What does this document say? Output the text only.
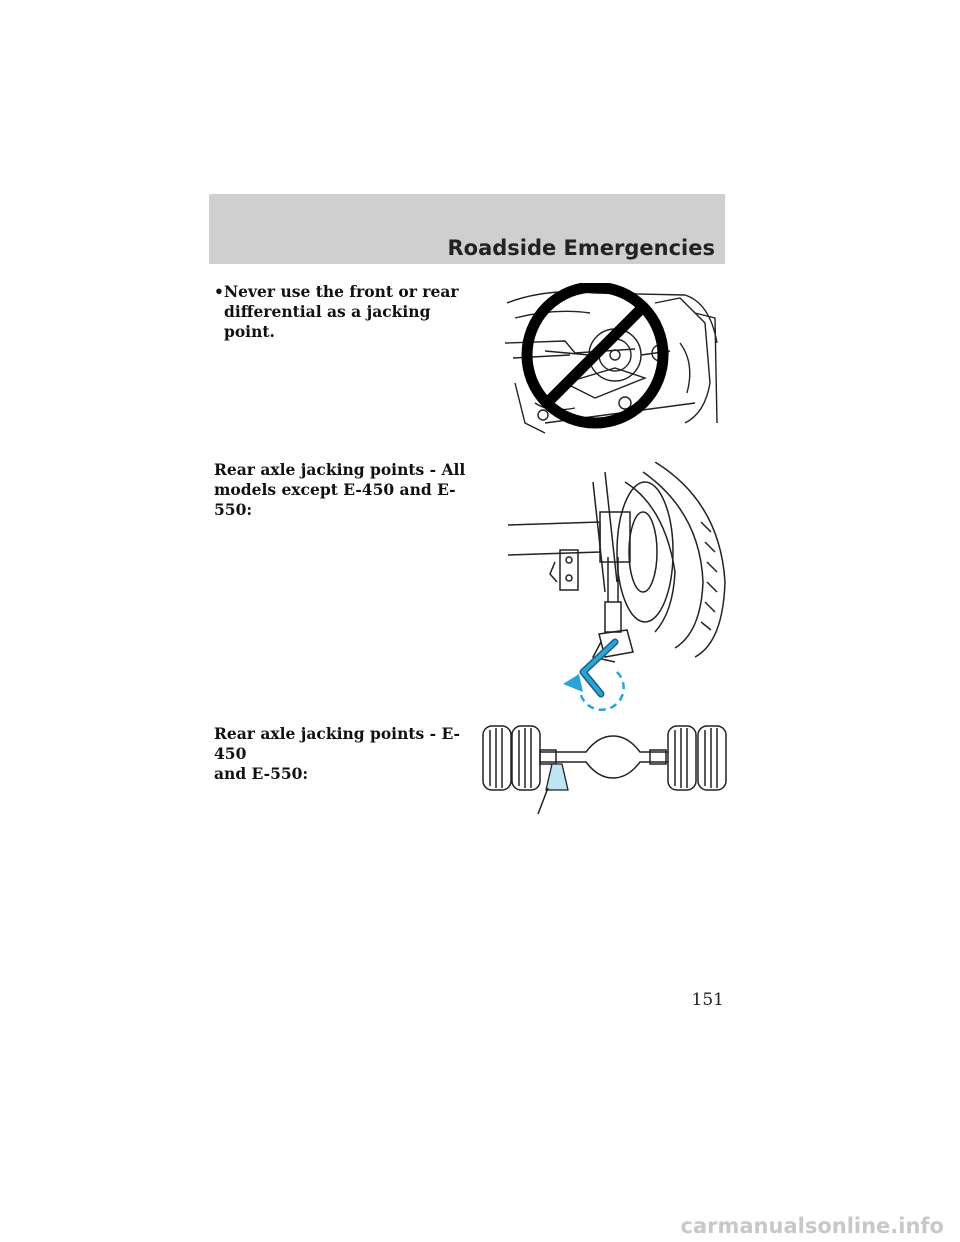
Roadside Emergencies
• Never use the front or rear
differential as a jacking point.
Rear axle jacking points - All
models except E-450 and E-550:
Rear axle jacking points - E-450
and E-550:
151
carmanualsonline.info
